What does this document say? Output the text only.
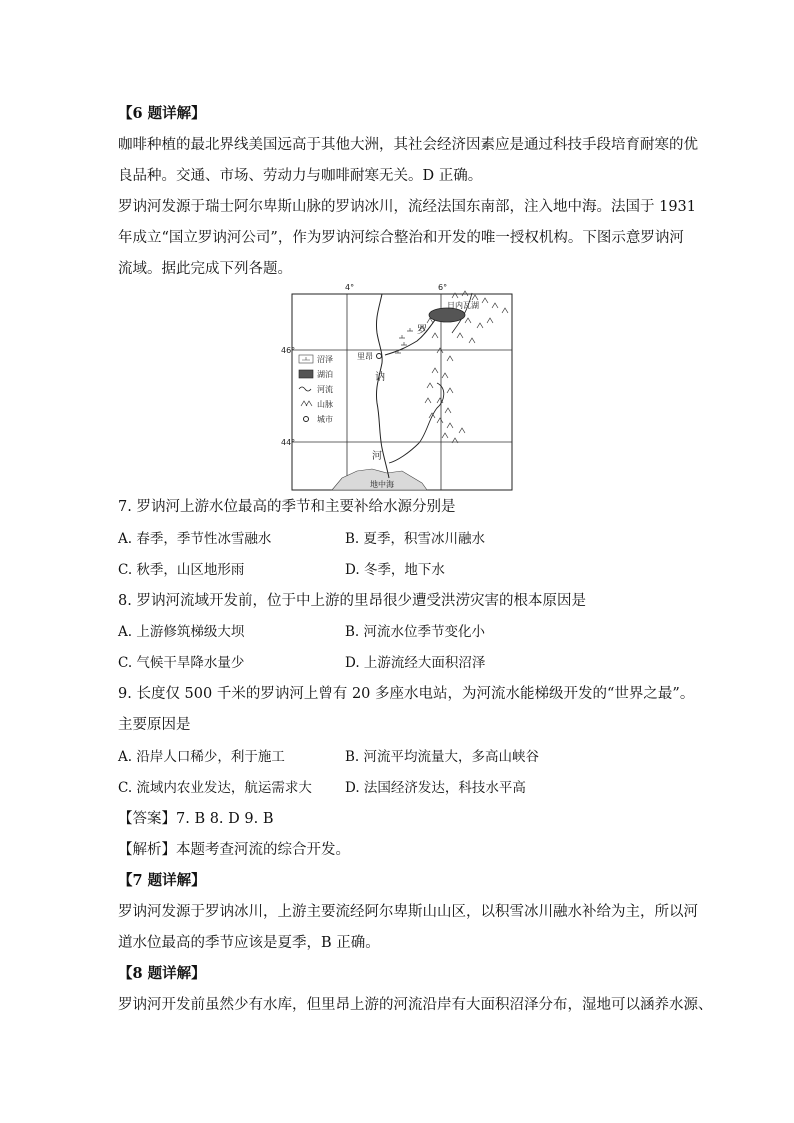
【6 题详解】
咖啡种植的最北界线美国远高于其他大洲，其社会经济因素应是通过科技手段培育耐寒的优
良品种。交通、市场、劳动力与咖啡耐寒无关。D 正确。
罗讷河发源于瑞士阿尔卑斯山脉的罗讷冰川，流经法国东南部，注入地中海。法国于 1931
年成立“国立罗讷河公司”，作为罗讷河综合整治和开发的唯一授权机构。下图示意罗讷河
流域。据此完成下列各题。
4°	6°
46°
44°
地中海
日内瓦湖
里昂
罗
讷
河
沼泽
湖泊
河流
山脉
城市
7. 罗讷河上游水位最高的季节和主要补给水源分别是
A. 春季，季节性冰雪融水	B. 夏季，积雪冰川融水
C. 秋季，山区地形雨	D. 冬季，地下水
8. 罗讷河流域开发前，位于中上游的里昂很少遭受洪涝灾害的根本原因是
A. 上游修筑梯级大坝	B. 河流水位季节变化小
C. 气候干旱降水量少	D. 上游流经大面积沼泽
9. 长度仅 500 千米的罗讷河上曾有 20 多座水电站，为河流水能梯级开发的“世界之最”。
主要原因是
A. 沿岸人口稀少，利于施工	B. 河流平均流量大，多高山峡谷
C. 流域内农业发达，航运需求大 D. 法国经济发达，科技水平高
【答案】7. B 8. D 9. B
【解析】本题考查河流的综合开发。
【7 题详解】
罗讷河发源于罗讷冰川，上游主要流经阿尔卑斯山山区，以积雪冰川融水补给为主，所以河
道水位最高的季节应该是夏季，B 正确。
【8 题详解】
罗讷河开发前虽然少有水库，但里昂上游的河流沿岸有大面积沼泽分布，湿地可以涵养水源、
